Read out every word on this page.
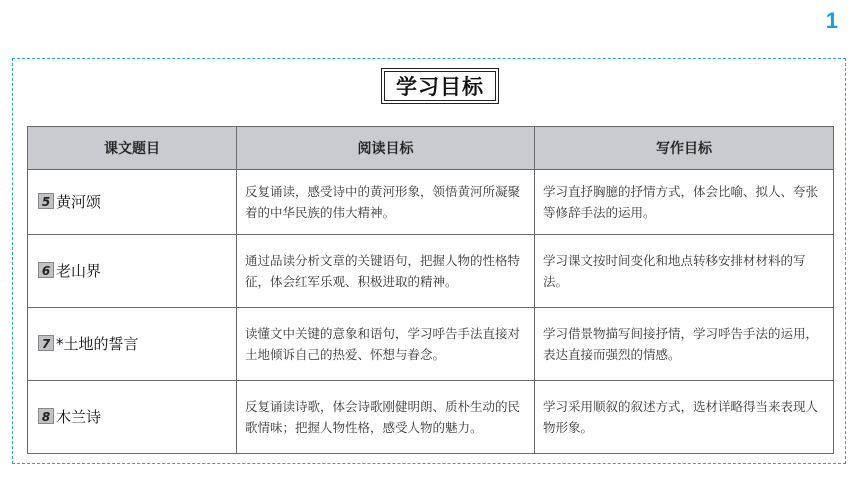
1
学习目标
课文题目	阅读目标	写作目标
5 黄河颂	反复诵读，感受诗中的黄河形象，领悟黄河所凝聚着的中华民族的伟大精神。	学习直抒胸臆的抒情方式，体会比喻、拟人、夸张等修辞手法的运用。

6 老山界	通过品读分析文章的关键语句，把握人物的性格特征，体会红军乐观、积极进取的精神。	学习课文按时间变化和地点转移安排材材料的写法。

7 *土地的誓言	读懂文中关键的意象和语句，学习呼告手法直接对土地倾诉自己的热爱、怀想与眷念。	学习借景物描写间接抒情，学习呼告手法的运用，表达直接而强烈的情感。

8 木兰诗	反复诵读诗歌，体会诗歌刚健明朗、质朴生动的民歌情味；把握人物性格，感受人物的魅力。	学习采用顺叙的叙述方式，选材详略得当来表现人物形象。
